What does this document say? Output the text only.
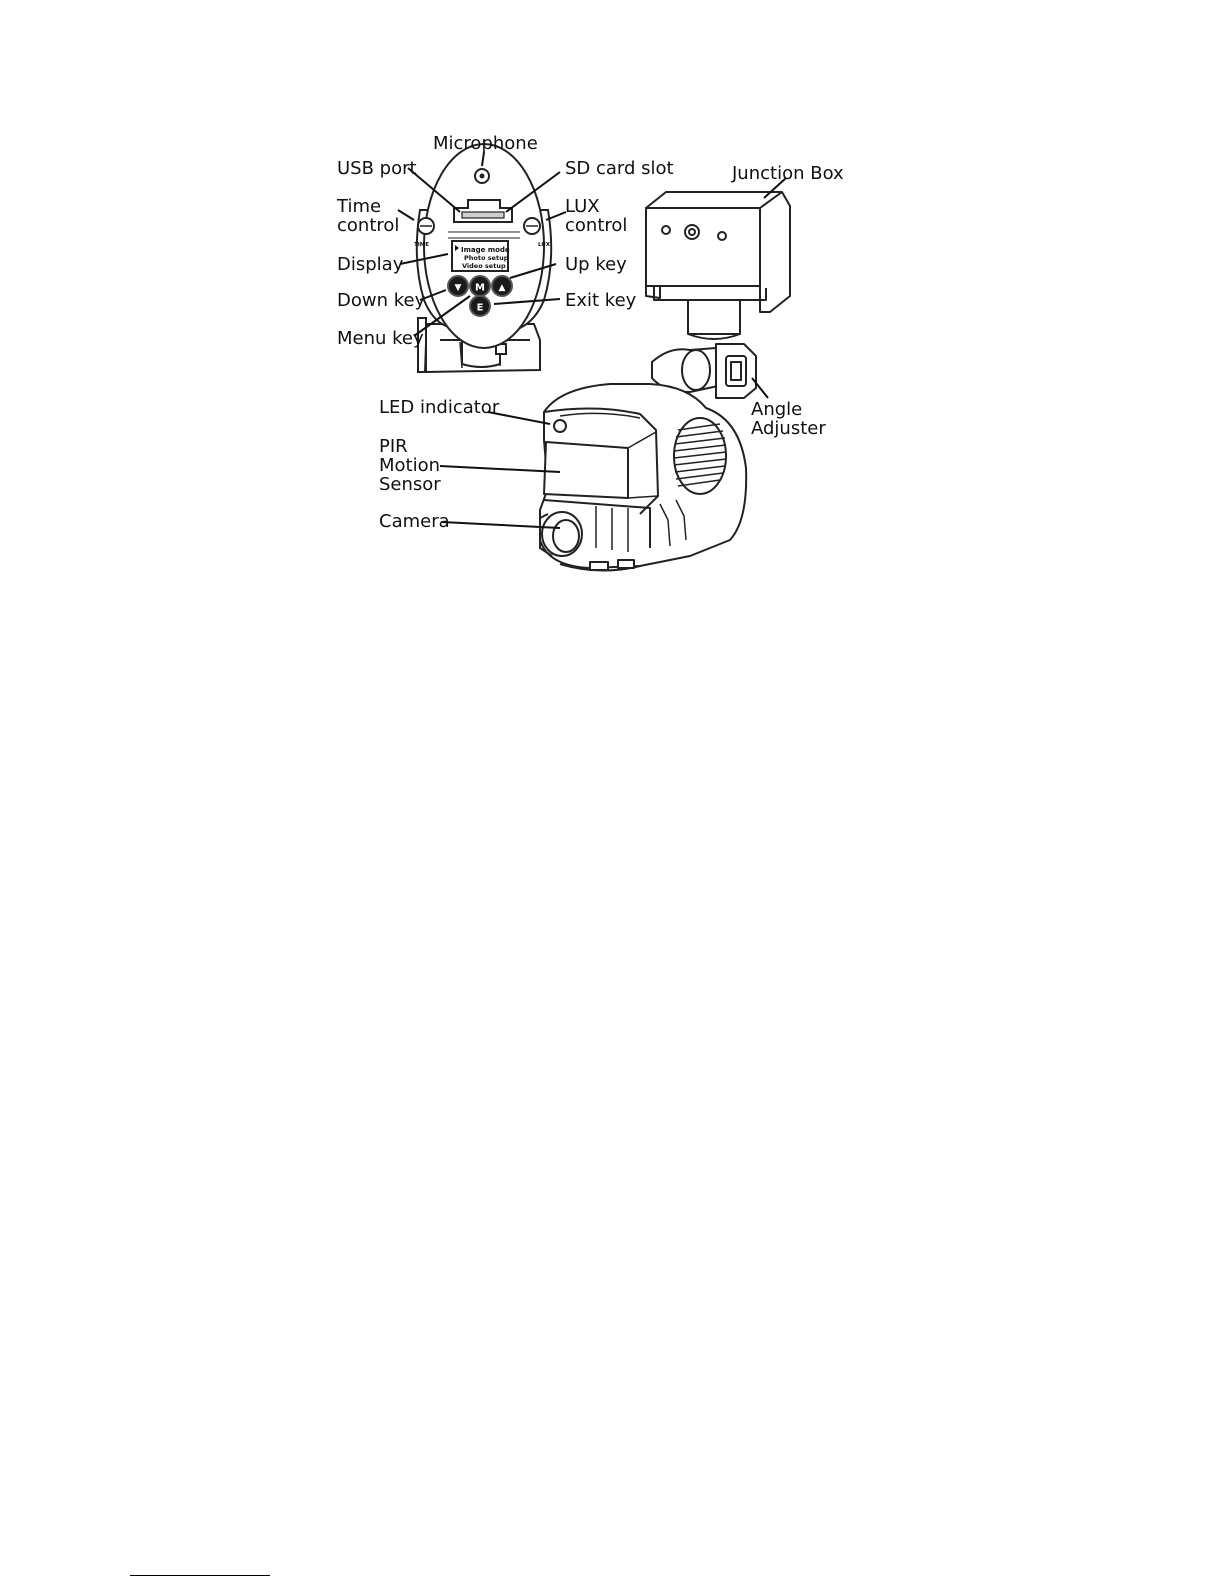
TIME	LUX
Image mode
Photo setup
Video setup
▼ M ▲
E
Microphone
USB port	SD card slot	Junction Box
Time
control
LUX
control
Display	Up key
Down key	Exit key
Menu key
Angle
Adjuster
LED indicator
PIR
Motion
Sensor
Camera
